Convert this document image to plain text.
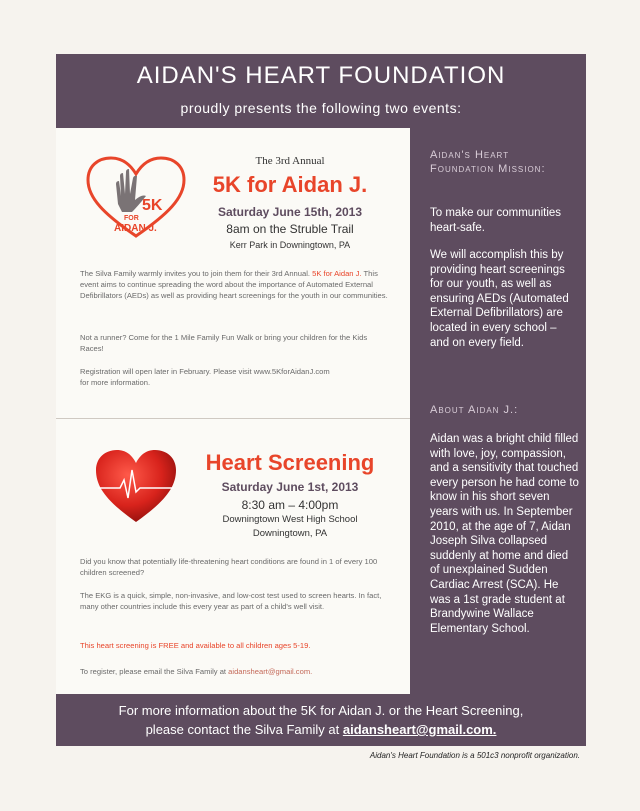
AIDAN'S HEART FOUNDATION
proudly presents the following two events:
5K
FOR
AIDAN J.
The 3rd Annual
5K for Aidan J.
Saturday June 15th, 2013
8am on the Struble Trail
Kerr Park in Downingtown, PA
The Silva Family warmly invites you to join them for their 3rd Annual. 5K for Aidan J. This event aims to continue spreading the word about the importance of Automated External Defibrillators (AEDs) as well as providing heart screenings for the youth in our communities.
Not a runner? Come for the 1 Mile Family Fun Walk or bring your children for the Kids Races!
Registration will open later in February. Please visit www.5KforAidanJ.com for more information.
Heart Screening
Saturday June 1st, 2013
8:30 am – 4:00pm
Downingtown West High School
Downingtown, PA
Did you know that potentially life-threatening heart conditions are found in 1 of every 100 children screened?
The EKG is a quick, simple, non-invasive, and low-cost test used to screen hearts. In fact, many other countries include this every year as part of a child's well visit.
This heart screening is FREE and available to all children ages 5-19.
To register, please email the Silva Family at aidansheart@gmail.com.
Aidan's Heart Foundation Mission:
To make our communities heart-safe.
We will accomplish this by providing heart screenings for our youth, as well as ensuring AEDs (Automated External Defibrillators) are located in every school – and on every field.
About Aidan J.:
Aidan was a bright child filled with love, joy, compassion, and a sensitivity that touched every person he had come to know in his short seven years with us. In September 2010, at the age of 7, Aidan Joseph Silva collapsed suddenly at home and died of unexplained Sudden Cardiac Arrest (SCA). He was a 1st grade student at Brandywine Wallace Elementary School.
For more information about the 5K for Aidan J. or the Heart Screening,
please contact the Silva Family at aidansheart@gmail.com.
Aidan's Heart Foundation is a 501c3 nonprofit organization.
